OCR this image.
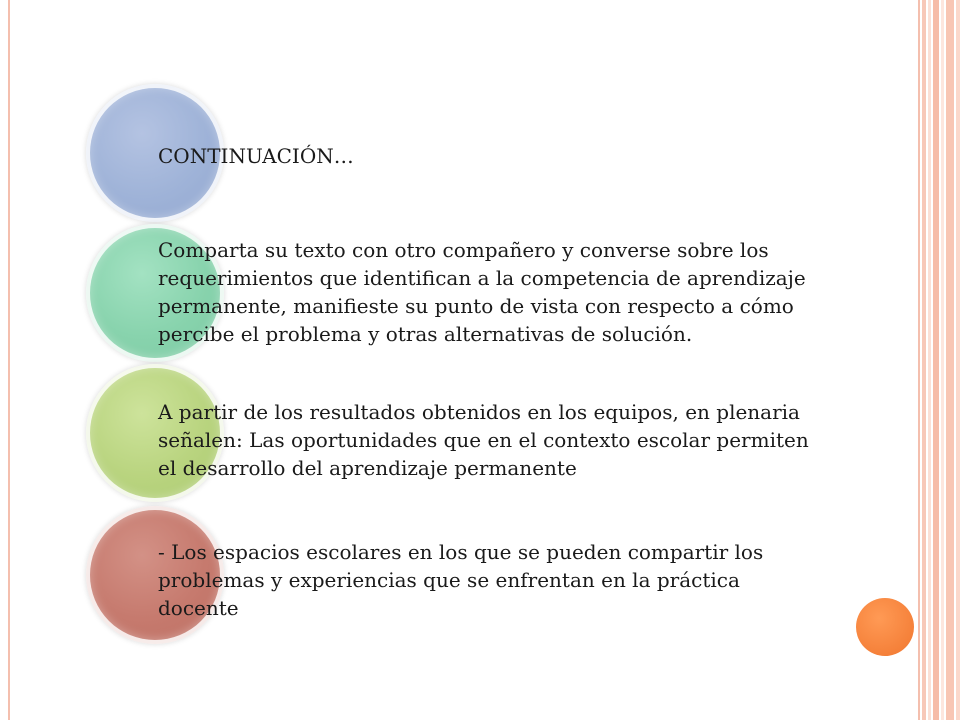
CONTINUACIÓN…
Comparta su texto con otro compañero y converse sobre los
requerimientos que identifican a la competencia de aprendizaje
permanente, manifieste su punto de vista con respecto a cómo
percibe el problema y otras alternativas de solución.
A partir de los resultados obtenidos en los equipos, en plenaria
señalen: Las oportunidades que en el contexto escolar permiten
el desarrollo del aprendizaje permanente
- Los espacios escolares en los que se pueden compartir los
problemas y experiencias que se enfrentan en la práctica
docente
